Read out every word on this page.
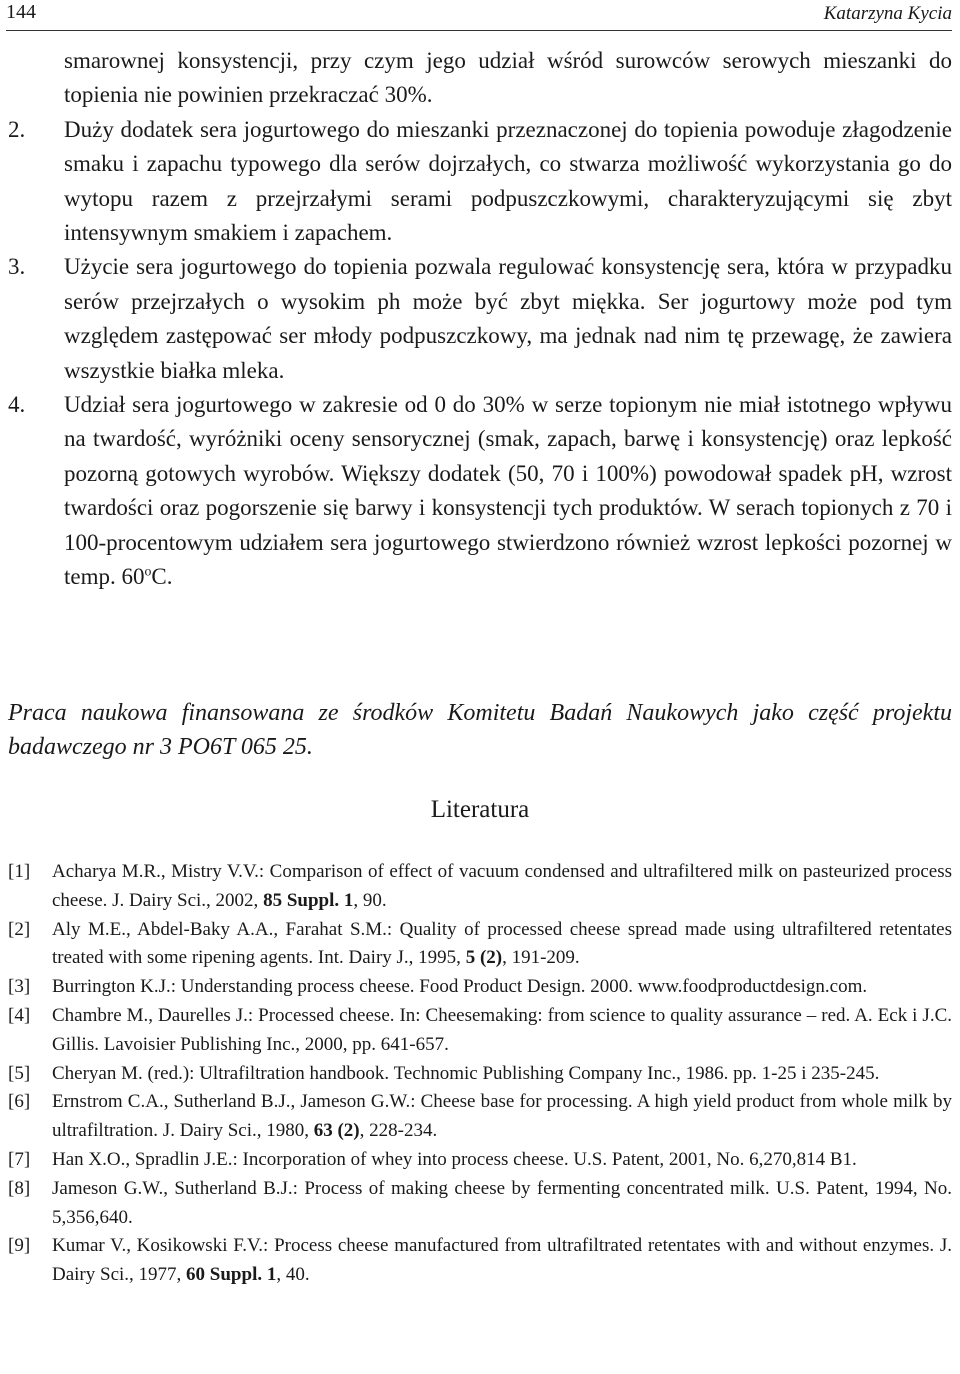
144	Katarzyna Kycia

smarownej konsystencji, przy czym jego udział wśród surowców serowych mieszanki do topienia nie powinien przekraczać 30%.

2. Duży dodatek sera jogurtowego do mieszanki przeznaczonej do topienia powoduje złagodzenie smaku i zapachu typowego dla serów dojrzałych, co stwarza możliwość wykorzystania go do wytopu razem z przejrzałymi serami podpuszczkowymi, charakteryzującymi się zbyt intensywnym smakiem i zapachem.

3. Użycie sera jogurtowego do topienia pozwala regulować konsystencję sera, która w przypadku serów przejrzałych o wysokim ph może być zbyt miękka. Ser jogurtowy może pod tym względem zastępować ser młody podpuszczkowy, ma jednak nad nim tę przewagę, że zawiera wszystkie białka mleka.

4. Udział sera jogurtowego w zakresie od 0 do 30% w serze topionym nie miał istotnego wpływu na twardość, wyróżniki oceny sensorycznej (smak, zapach, barwę i konsystencję) oraz lepkość pozorną gotowych wyrobów. Większy dodatek (50, 70 i 100%) powodował spadek pH, wzrost twardości oraz pogorszenie się barwy i konsystencji tych produktów. W serach topionych z 70 i 100-procentowym udziałem sera jogurtowego stwierdzono również wzrost lepkości pozornej w temp. 60$^o$C.

Praca naukowa finansowana ze środków Komitetu Badań Naukowych jako część projektu badawczego nr 3 PO6T 065 25.

Literatura
[1] Acharya M.R., Mistry V.V.: Comparison of effect of vacuum condensed and ultrafiltered milk on pasteurized process cheese. J. Dairy Sci., 2002, 85 Suppl. 1, 90.
[2] Aly M.E., Abdel-Baky A.A., Farahat S.M.: Quality of processed cheese spread made using ultrafiltered retentates treated with some ripening agents. Int. Dairy J., 1995, 5 (2), 191-209.
[3] Burrington K.J.: Understanding process cheese. Food Product Design. 2000. www.foodproductdesign.com.
[4] Chambre M., Daurelles J.: Processed cheese. In: Cheesemaking: from science to quality assurance – red. A. Eck i J.C. Gillis. Lavoisier Publishing Inc., 2000, pp. 641-657.
[5] Cheryan M. (red.): Ultrafiltration handbook. Technomic Publishing Company Inc., 1986. pp. 1-25 i 235-245.
[6] Ernstrom C.A., Sutherland B.J., Jameson G.W.: Cheese base for processing. A high yield product from whole milk by ultrafiltration. J. Dairy Sci., 1980, 63 (2), 228-234.
[7] Han X.O., Spradlin J.E.: Incorporation of whey into process cheese. U.S. Patent, 2001, No. 6,270,814 B1.
[8] Jameson G.W., Sutherland B.J.: Process of making cheese by fermenting concentrated milk. U.S. Patent, 1994, No. 5,356,640.
[9] Kumar V., Kosikowski F.V.: Process cheese manufactured from ultrafiltrated retentates with and without enzymes. J. Dairy Sci., 1977, 60 Suppl. 1, 40.
